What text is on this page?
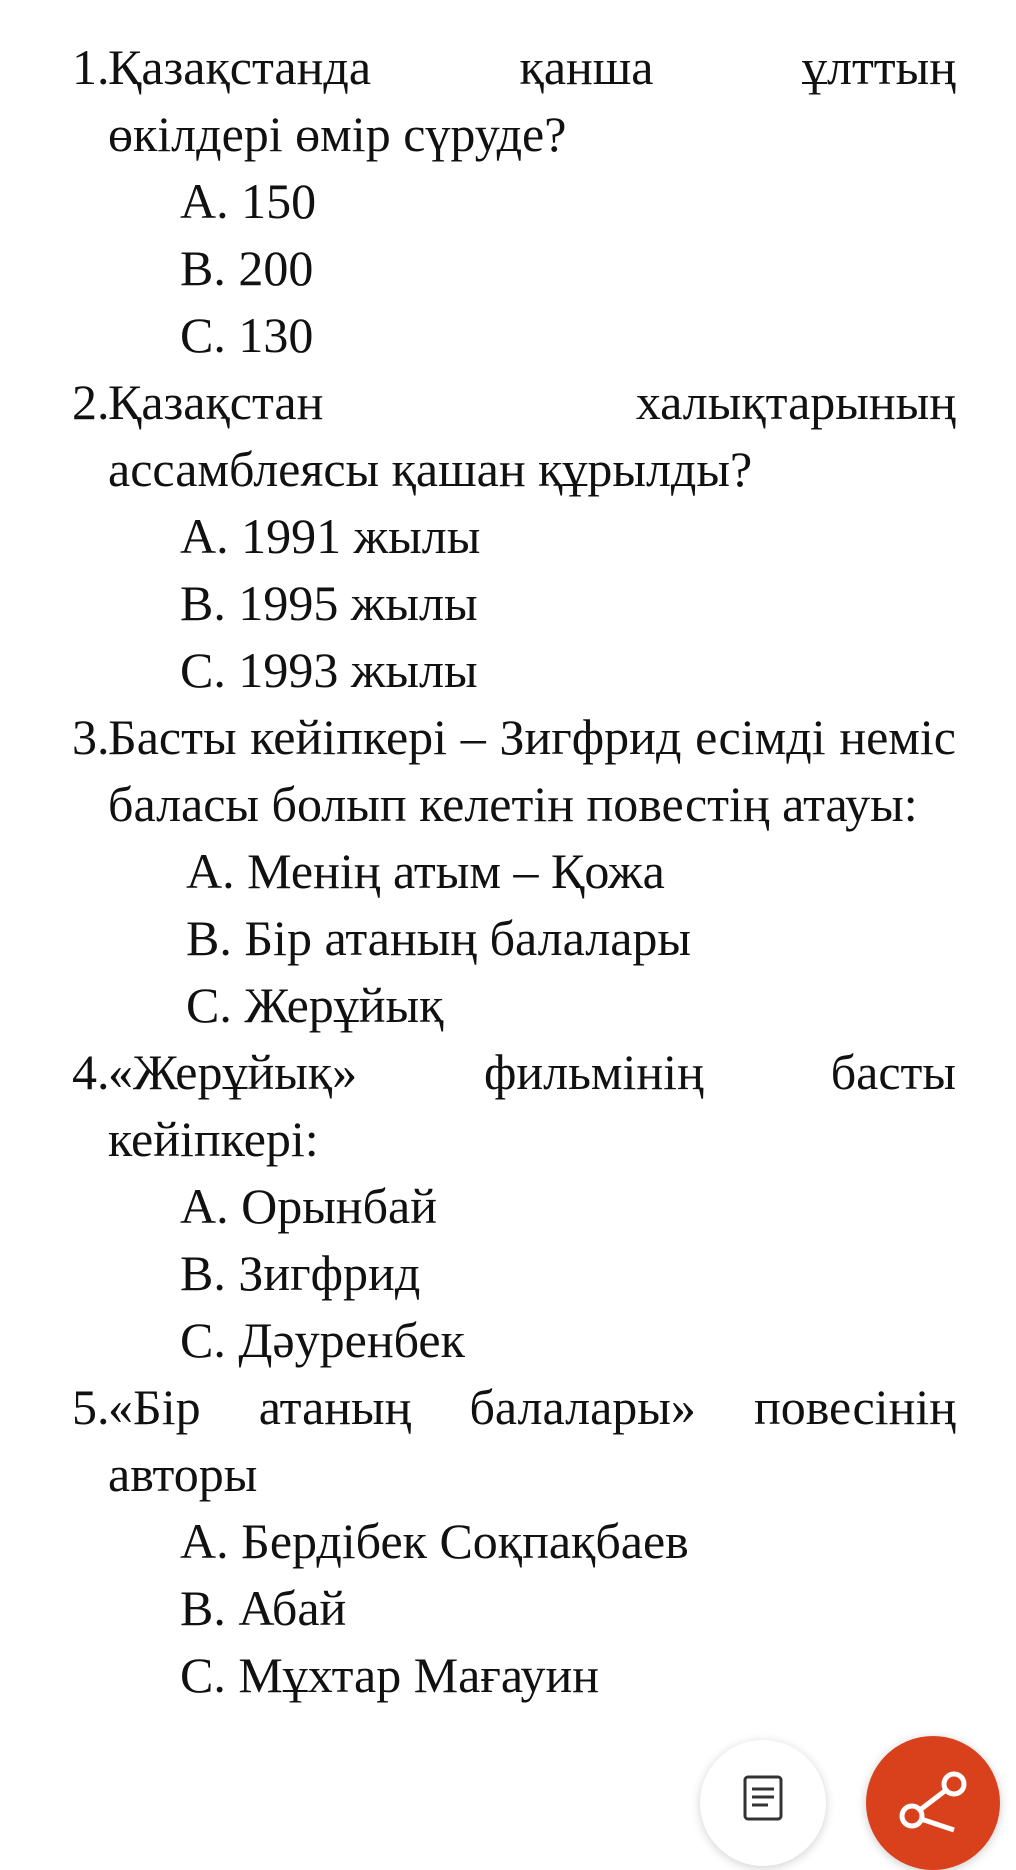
1.
Қазақстанда қанша ұлттың
өкілдері өмір сүруде?
A. 150
B. 200
C. 130
2.
Қазақстан халықтарының
ассамблеясы қашан құрылды?
A. 1991 жылы
B. 1995 жылы
C. 1993 жылы
3.
Басты кейіпкері – Зигфрид есімді неміс баласы болып келетін повестің атауы:
A. Менің атым – Қожа
B. Бір атаның балалары
C. Жерұйық
4.
«Жерұйық» фильмінің басты
кейіпкері:
A. Орынбай
B. Зигфрид
C. Дәуренбек
5.
«Бір атаның балалары» повесінің
авторы
A. Бердібек Соқпақбаев
B. Абай
C. Мұхтар Мағауин
